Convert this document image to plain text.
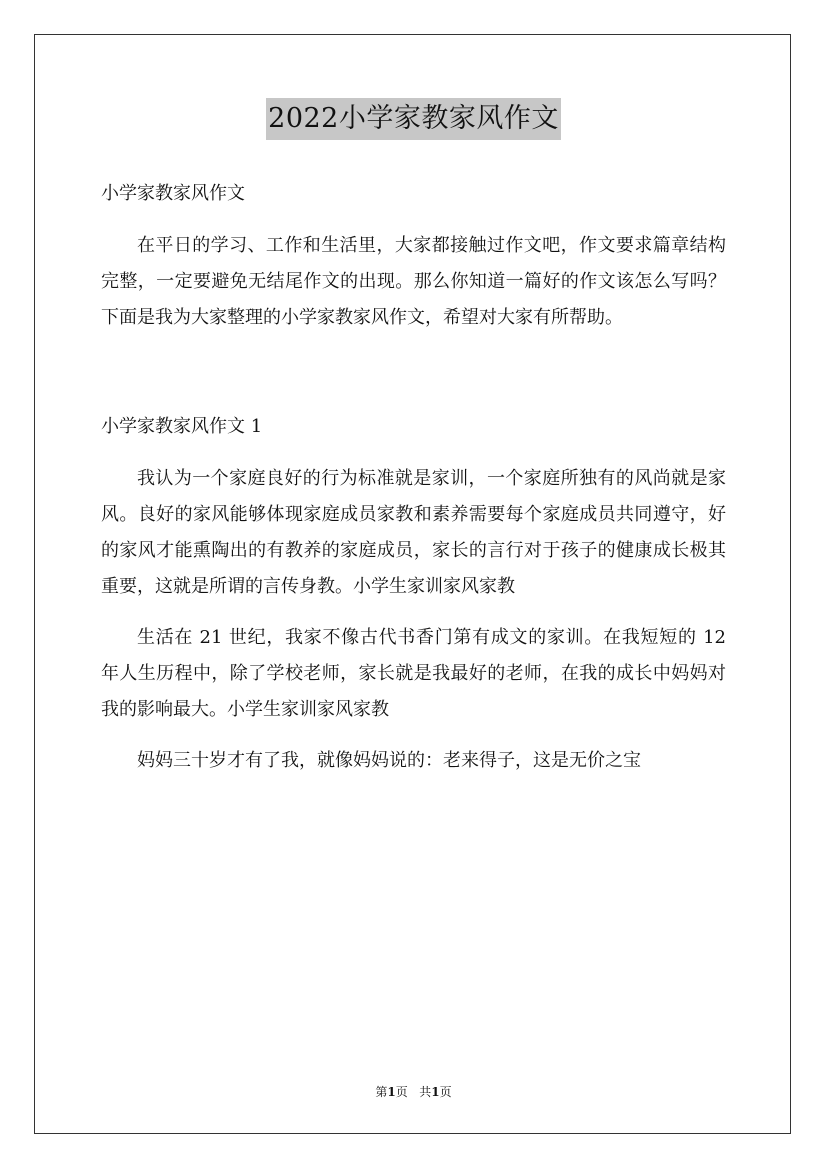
2022小学家教家风作文

小学家教家风作文

在平日的学习、工作和生活里，大家都接触过作文吧，作文要求篇章结构完整，一定要避免无结尾作文的出现。那么你知道一篇好的作文该怎么写吗？下面是我为大家整理的小学家教家风作文，希望对大家有所帮助。

小学家教家风作文 1

我认为一个家庭良好的行为标准就是家训，一个家庭所独有的风尚就是家风。良好的家风能够体现家庭成员家教和素养需要每个家庭成员共同遵守，好的家风才能熏陶出的有教养的家庭成员，家长的言行对于孩子的健康成长极其重要，这就是所谓的言传身教。小学生家训家风家教

生活在 21 世纪，我家不像古代书香门第有成文的家训。在我短短的 12 年人生历程中，除了学校老师，家长就是我最好的老师，在我的成长中妈妈对我的影响最大。小学生家训家风家教

妈妈三十岁才有了我，就像妈妈说的：老来得子，这是无价之宝

第1页 共1页
